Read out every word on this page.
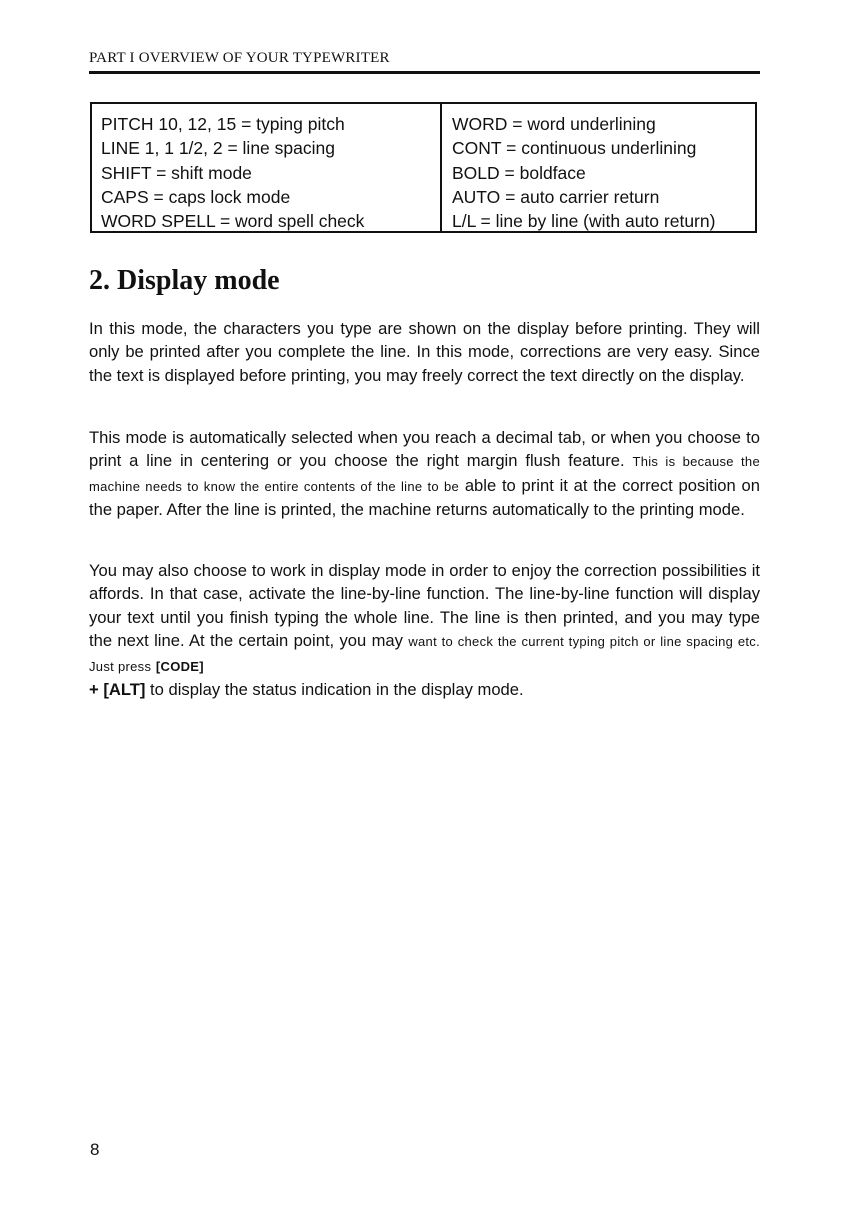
PART I OVERVIEW OF YOUR TYPEWRITER
PITCH 10, 12, 15 = typing pitch
LINE 1, 1 1/2, 2 = line spacing
SHIFT = shift mode
CAPS = caps lock mode
WORD SPELL = word spell check
WORD = word underlining
CONT = continuous underlining
BOLD = boldface
AUTO = auto carrier return
L/L = line by line (with auto return)
2. Display mode

In this mode, the characters you type are shown on the display before printing. They will only be printed after you complete the line. In this mode, corrections are very easy. Since the text is displayed before printing, you may freely correct the text directly on the display.

This mode is automatically selected when you reach a decimal tab, or when you choose to print a line in centering or you choose the right margin flush feature. This is because the machine needs to know the entire contents of the line to be able to print it at the correct position on the paper. After the line is printed, the machine returns automatically to the printing mode.

You may also choose to work in display mode in order to enjoy the correction possibilities it affords. In that case, activate the line-by-line function. The line-by-line function will display your text until you finish typing the whole line. The line is then printed, and you may type the next line. At the certain point, you may want to check the current typing pitch or line spacing etc. Just press [CODE]
+ [ALT] to display the status indication in the display mode.

8
